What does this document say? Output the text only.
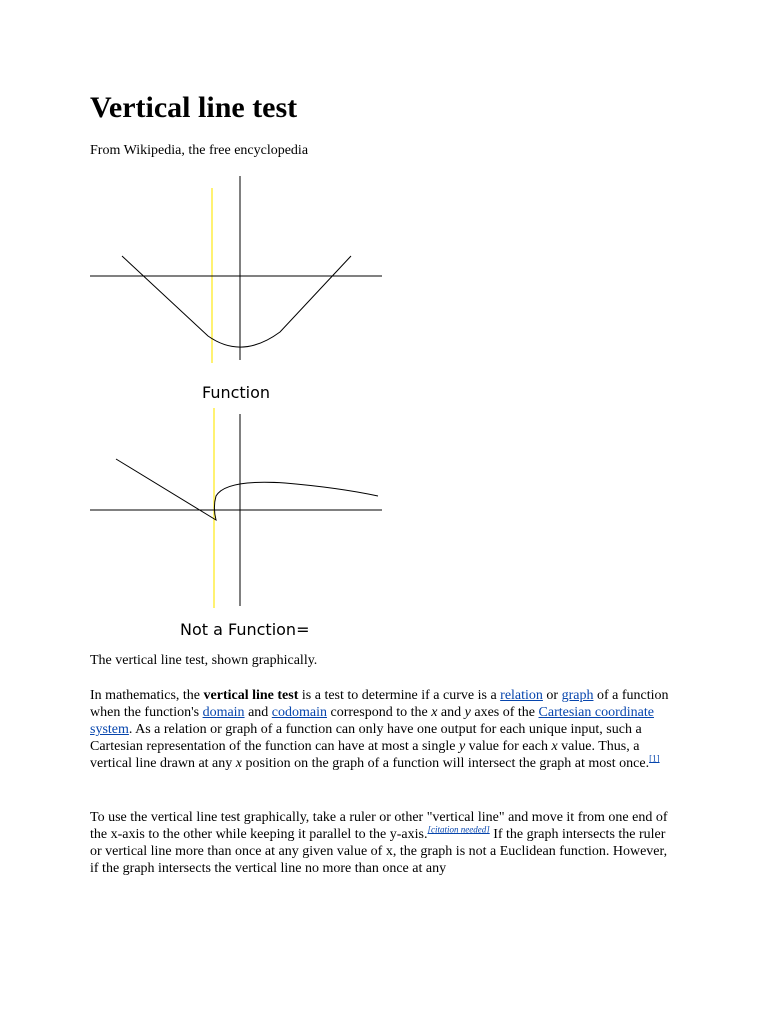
Vertical line test
From Wikipedia, the free encyclopedia
Function
Not a Function=
The vertical line test, shown graphically.

In mathematics, the vertical line test is a test to determine if a curve is a relation or graph of a function when the function's domain and codomain correspond to the x and y axes of the Cartesian coordinate system. As a relation or graph of a function can only have one output for each unique input, such a Cartesian representation of the function can have at most a single y value for each x value. Thus, a vertical line drawn at any x position on the graph of a function will intersect the graph at most once.[1]

To use the vertical line test graphically, take a ruler or other "vertical line" and move it from one end of the x-axis to the other while keeping it parallel to the y-axis.[citation needed] If the graph intersects the ruler or vertical line more than once at any given value of x, the graph is not a Euclidean function. However, if the graph intersects the vertical line no more than once at any
